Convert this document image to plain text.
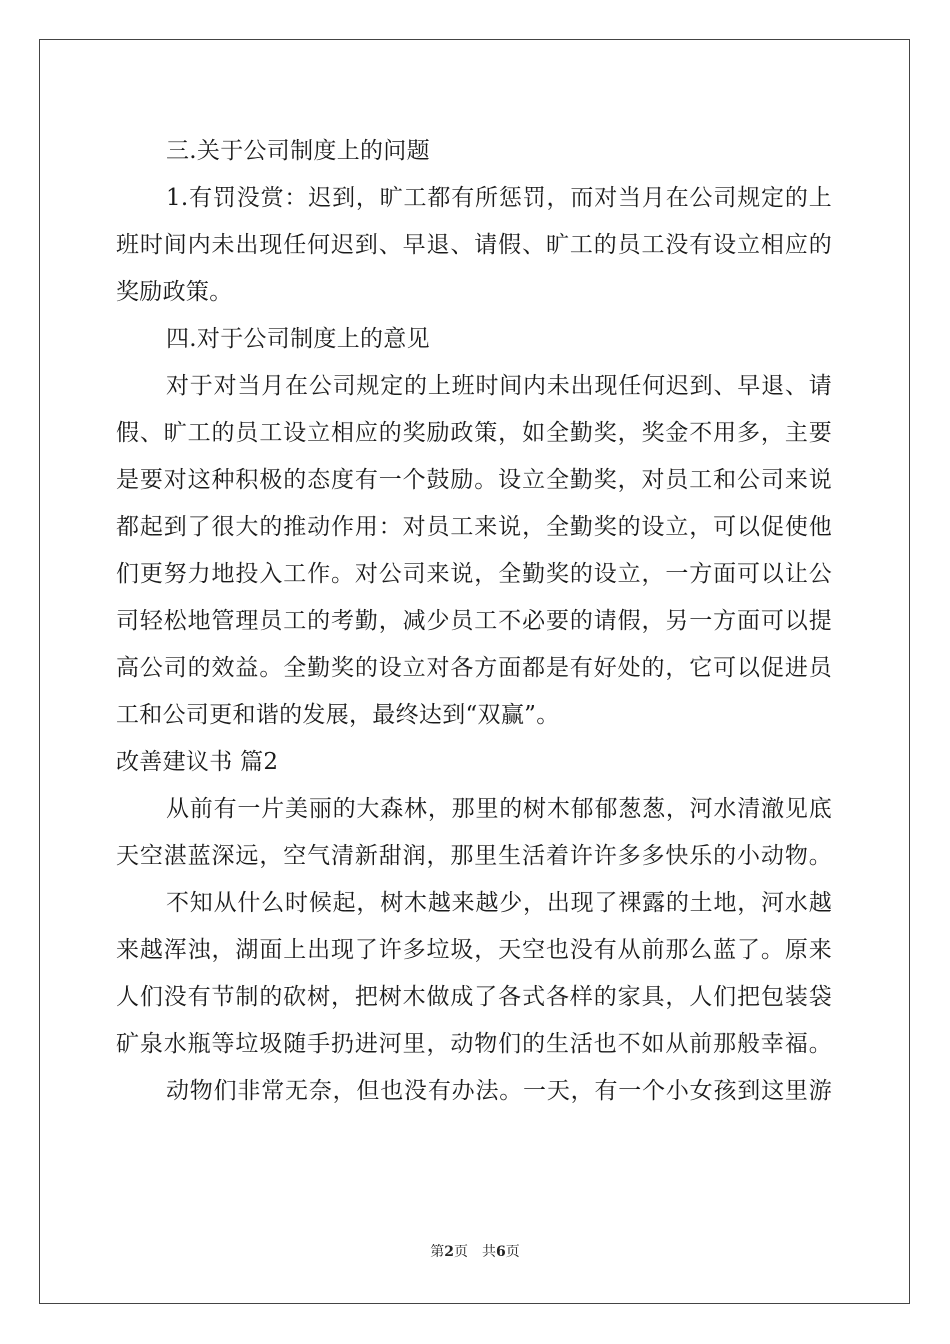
三.关于公司制度上的问题
1.有罚没赏：迟到，旷工都有所惩罚，而对当月在公司规定的上
班时间内未出现任何迟到、早退、请假、旷工的员工没有设立相应的
奖励政策。
四.对于公司制度上的意见
对于对当月在公司规定的上班时间内未出现任何迟到、早退、请
假、旷工的员工设立相应的奖励政策，如全勤奖，奖金不用多，主要
是要对这种积极的态度有一个鼓励。设立全勤奖，对员工和公司来说
都起到了很大的推动作用：对员工来说，全勤奖的设立，可以促使他
们更努力地投入工作。对公司来说，全勤奖的设立，一方面可以让公
司轻松地管理员工的考勤，减少员工不必要的请假，另一方面可以提
高公司的效益。全勤奖的设立对各方面都是有好处的，它可以促进员
工和公司更和谐的发展，最终达到“双赢”。
改善建议书 篇2
从前有一片美丽的大森林，那里的树木郁郁葱葱，河水清澈见底
天空湛蓝深远，空气清新甜润，那里生活着许许多多快乐的小动物。
不知从什么时候起，树木越来越少，出现了裸露的土地，河水越
来越浑浊，湖面上出现了许多垃圾，天空也没有从前那么蓝了。原来
人们没有节制的砍树，把树木做成了各式各样的家具，人们把包装袋
矿泉水瓶等垃圾随手扔进河里，动物们的生活也不如从前那般幸福。
动物们非常无奈，但也没有办法。一天，有一个小女孩到这里游
第2页 共6页
